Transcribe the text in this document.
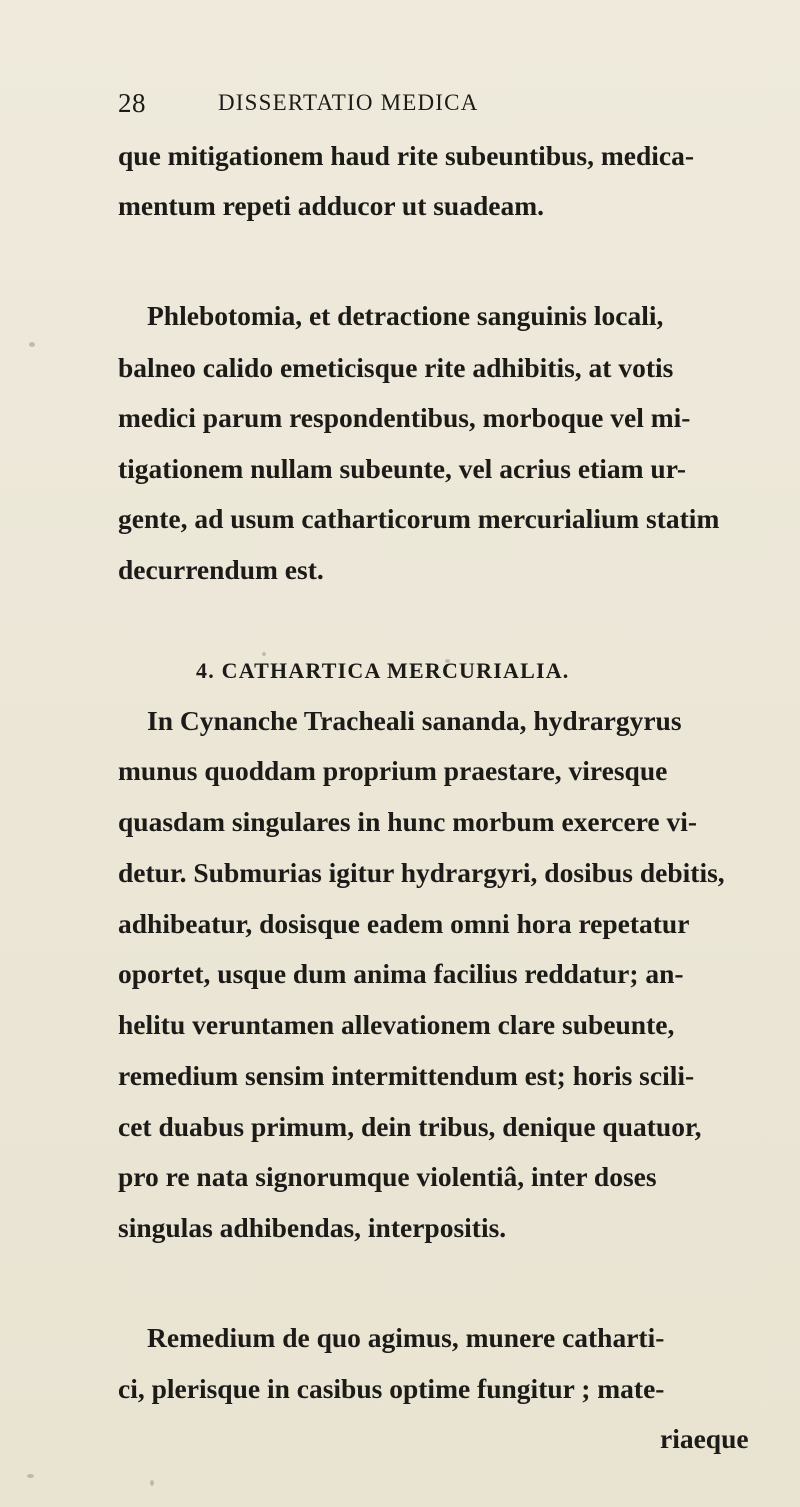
28	DISSERTATIO MEDICA
que mitigationem haud rite subeuntibus, medica-
mentum repeti adducor ut suadeam.
Phlebotomia, et detractione sanguinis locali,
balneo calido emeticisque rite adhibitis, at votis
medici parum respondentibus, morboque vel mi-
tigationem nullam subeunte, vel acrius etiam ur-
gente, ad usum catharticorum mercurialium statim
decurrendum est.
4. CATHARTICA MERCURIALIA.
In Cynanche Tracheali sananda, hydrargyrus
munus quoddam proprium praestare, viresque
quasdam singulares in hunc morbum exercere vi-
detur. Submurias igitur hydrargyri, dosibus debitis,
adhibeatur, dosisque eadem omni hora repetatur
oportet, usque dum anima facilius reddatur; an-
helitu veruntamen allevationem clare subeunte,
remedium sensim intermittendum est; horis scili-
cet duabus primum, dein tribus, denique quatuor,
pro re nata signorumque violentiâ, inter doses
singulas adhibendas, interpositis.
Remedium de quo agimus, munere catharti-
ci, plerisque in casibus optime fungitur ; mate-
riaeque
